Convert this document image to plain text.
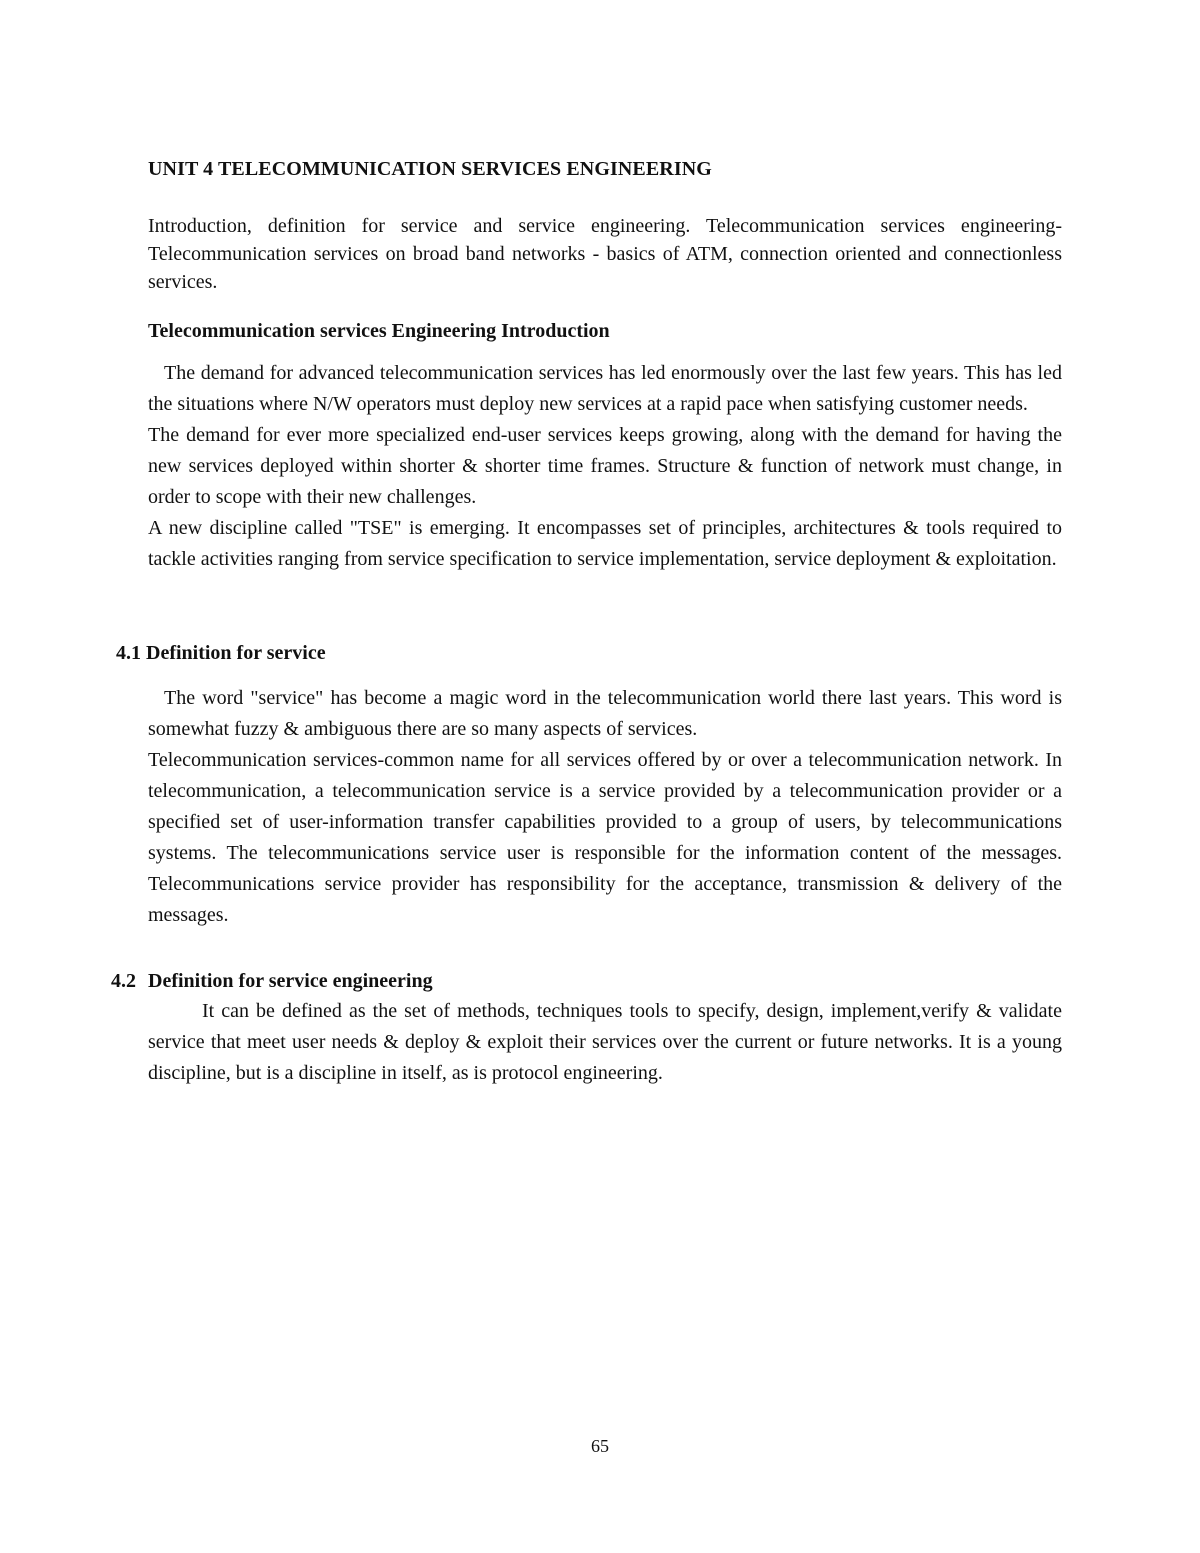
UNIT 4 TELECOMMUNICATION SERVICES ENGINEERING
Introduction, definition for service and service engineering. Telecommunication services engineering-Telecommunication services on broad band networks - basics of ATM, connection oriented and connectionless services.
Telecommunication services Engineering Introduction

The demand for advanced telecommunication services has led enormously over the last few years. This has led the situations where N/W operators must deploy new services at a rapid pace when satisfying customer needs.

The demand for ever more specialized end-user services keeps growing, along with the demand for having the new services deployed within shorter & shorter time frames. Structure & function of network must change, in order to scope with their new challenges.

A new discipline called "TSE" is emerging. It encompasses set of principles, architectures & tools required to tackle activities ranging from service specification to service implementation, service deployment & exploitation.

4.1 Definition for service

The word "service" has become a magic word in the telecommunication world there last years. This word is somewhat fuzzy & ambiguous there are so many aspects of services.

Telecommunication services-common name for all services offered by or over a telecommunication network. In telecommunication, a telecommunication service is a service provided by a telecommunication provider or a specified set of user-information transfer capabilities provided to a group of users, by telecommunications systems. The telecommunications service user is responsible for the information content of the messages. Telecommunications service provider has responsibility for the acceptance, transmission & delivery of the messages.

4.2 Definition for service engineering

It can be defined as the set of methods, techniques tools to specify, design, implement,verify & validate service that meet user needs & deploy & exploit their services over the current or future networks. It is a young discipline, but is a discipline in itself, as is protocol engineering.

65
